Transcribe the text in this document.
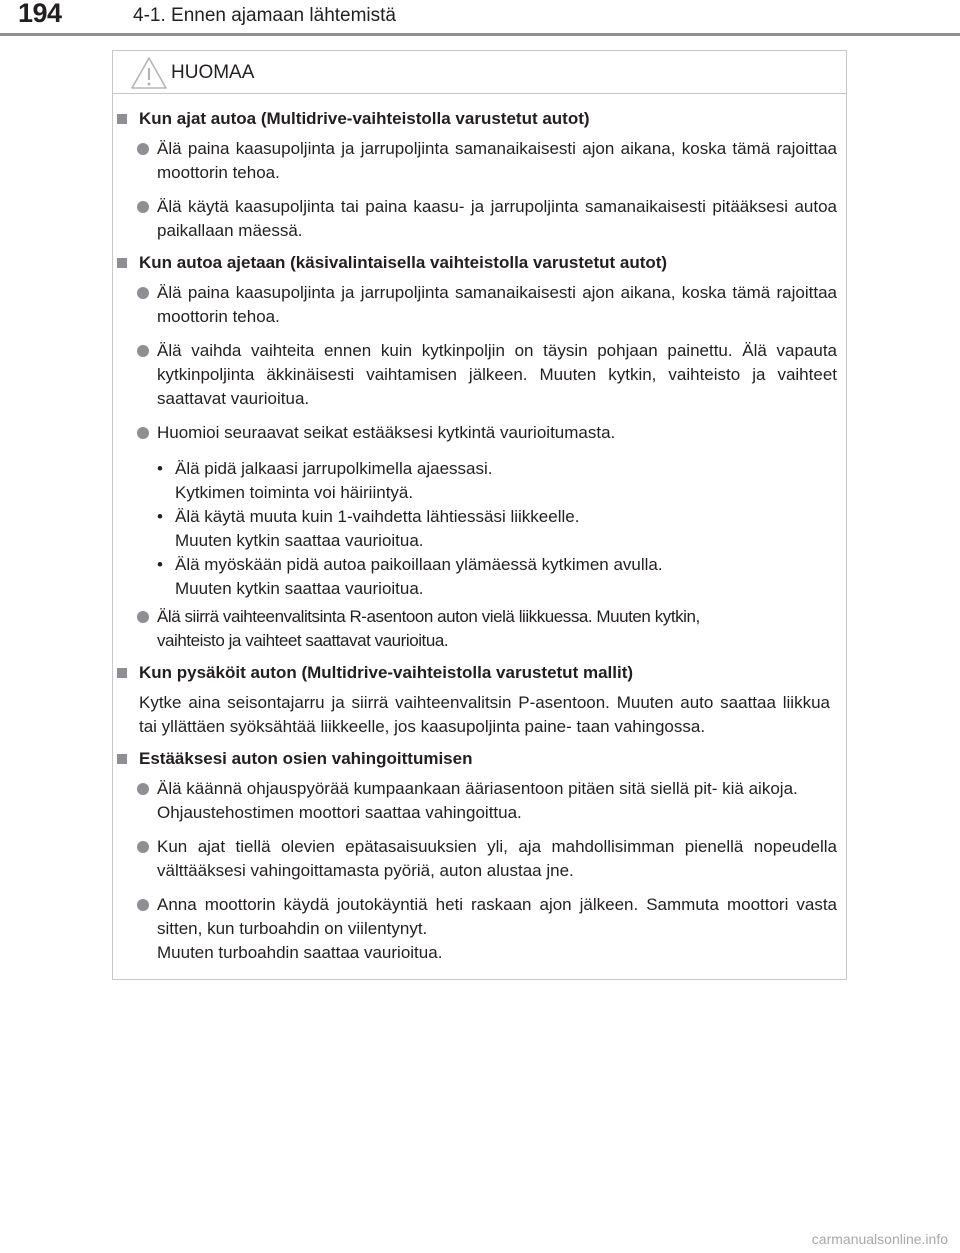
194	4-1. Ennen ajamaan lähtemistä
HUOMAA
Kun ajat autoa (Multidrive-vaihteistolla varustetut autot)
Älä paina kaasupoljinta ja jarrupoljinta samanaikaisesti ajon aikana, koska tämä rajoittaa moottorin tehoa.
Älä käytä kaasupoljinta tai paina kaasu- ja jarrupoljinta samanaikaisesti pitääksesi autoa paikallaan mäessä.
Kun autoa ajetaan (käsivalintaisella vaihteistolla varustetut autot)
Älä paina kaasupoljinta ja jarrupoljinta samanaikaisesti ajon aikana, koska tämä rajoittaa moottorin tehoa.
Älä vaihda vaihteita ennen kuin kytkinpoljin on täysin pohjaan painettu. Älä vapauta kytkinpoljinta äkkinäisesti vaihtamisen jälkeen. Muuten kytkin, vaihteisto ja vaihteet saattavat vaurioitua.
Huomioi seuraavat seikat estääksesi kytkintä vaurioitumasta.
• Älä pidä jalkaasi jarrupolkimella ajaessasi.
Kytkimen toiminta voi häiriintyä.
• Älä käytä muuta kuin 1-vaihdetta lähtiessäsi liikkeelle.
Muuten kytkin saattaa vaurioitua.
• Älä myöskään pidä autoa paikoillaan ylämäessä kytkimen avulla.
Muuten kytkin saattaa vaurioitua.
Älä siirrä vaihteenvalitsinta R-asentoon auton vielä liikkuessa. Muuten kytkin,
vaihteisto ja vaihteet saattavat vaurioitua.
Kun pysäköit auton (Multidrive-vaihteistolla varustetut mallit)
Kytke aina seisontajarru ja siirrä vaihteenvalitsin P-asentoon. Muuten auto saattaa liikkua tai yllättäen syöksähtää liikkeelle, jos kaasupoljinta paine- taan vahingossa.
Estääksesi auton osien vahingoittumisen
Älä käännä ohjauspyörää kumpaankaan ääriasentoon pitäen sitä siellä pit- kiä aikoja.
Ohjaustehostimen moottori saattaa vahingoittua.
Kun ajat tiellä olevien epätasaisuuksien yli, aja mahdollisimman pienellä nopeudella välttääksesi vahingoittamasta pyöriä, auton alustaa jne.
Anna moottorin käydä joutokäyntiä heti raskaan ajon jälkeen. Sammuta moottori vasta sitten, kun turboahdin on viilentynyt.
Muuten turboahdin saattaa vaurioitua.
carmanualsonline.info
